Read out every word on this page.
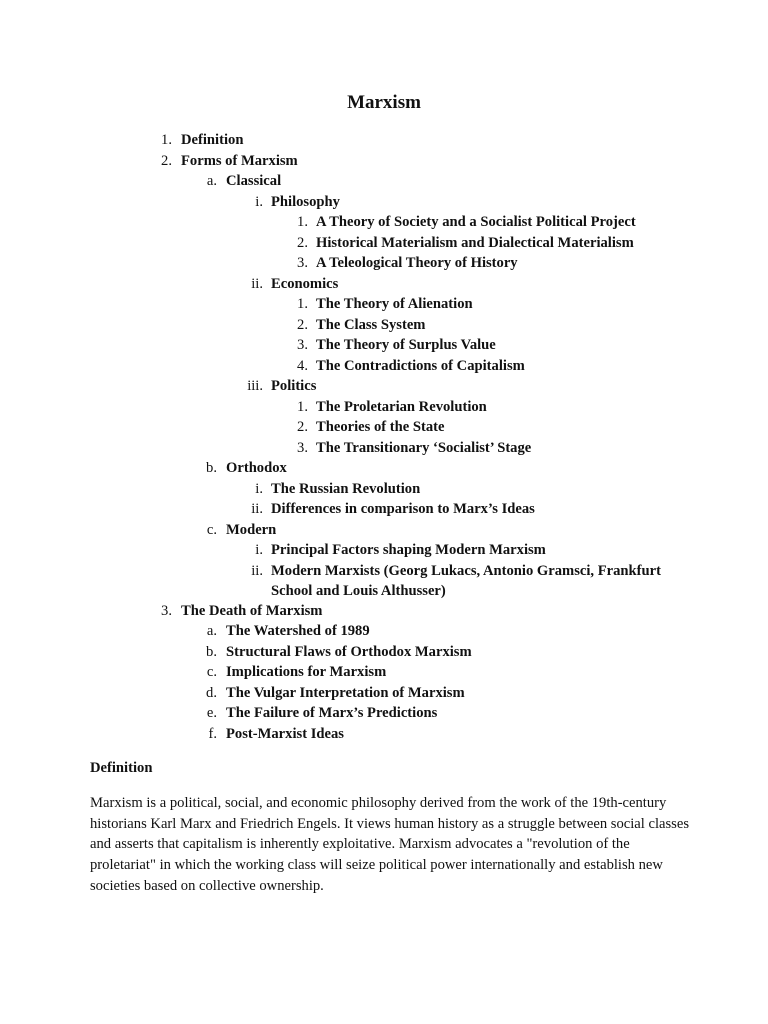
Marxism
1. Definition
2. Forms of Marxism
a. Classical
i. Philosophy
1. A Theory of Society and a Socialist Political Project
2. Historical Materialism and Dialectical Materialism
3. A Teleological Theory of History
ii. Economics
1. The Theory of Alienation
2. The Class System
3. The Theory of Surplus Value
4. The Contradictions of Capitalism
iii. Politics
1. The Proletarian Revolution
2. Theories of the State
3. The Transitionary ‘Socialist’ Stage
b. Orthodox
i. The Russian Revolution
ii. Differences in comparison to Marx’s Ideas
c. Modern
i. Principal Factors shaping Modern Marxism
ii. Modern Marxists (Georg Lukacs, Antonio Gramsci, Frankfurt School and Louis Althusser)
3. The Death of Marxism
a. The Watershed of 1989
b. Structural Flaws of Orthodox Marxism
c. Implications for Marxism
d. The Vulgar Interpretation of Marxism
e. The Failure of Marx’s Predictions
f. Post-Marxist Ideas
Definition
Marxism is a political, social, and economic philosophy derived from the work of the 19th-century historians Karl Marx and Friedrich Engels. It views human history as a struggle between social classes and asserts that capitalism is inherently exploitative. Marxism advocates a "revolution of the proletariat" in which the working class will seize political power internationally and establish new societies based on collective ownership.
